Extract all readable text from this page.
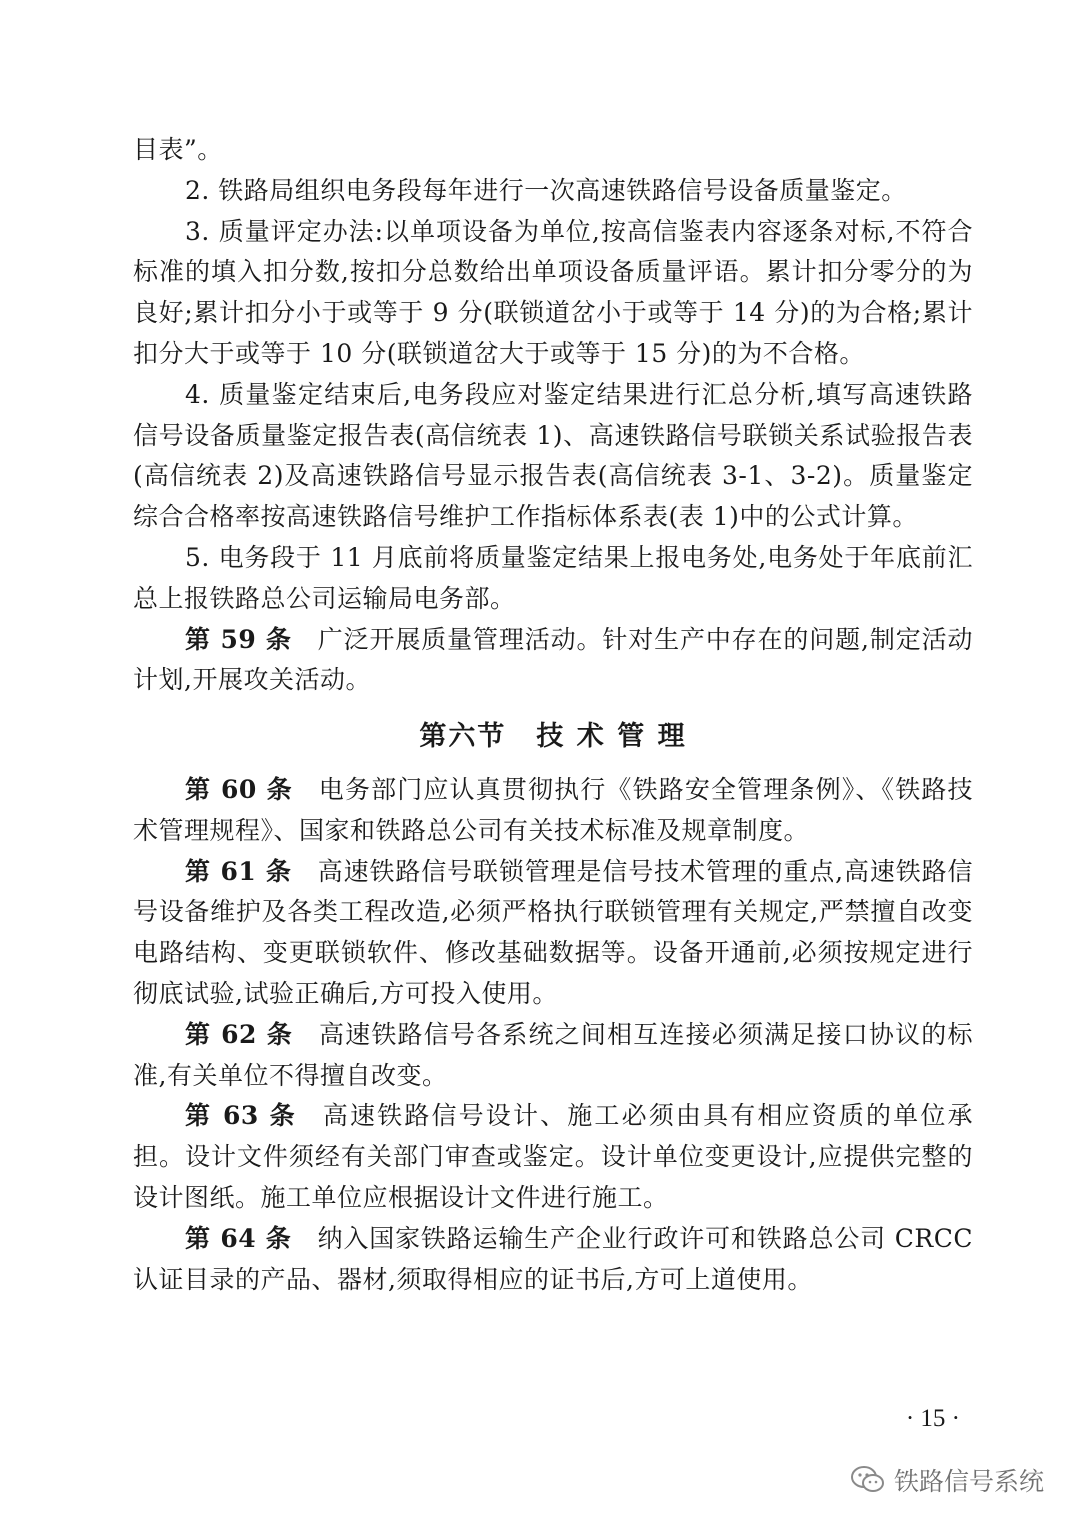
目表”。

2. 铁路局组织电务段每年进行一次高速铁路信号设备质量鉴定。

3. 质量评定办法:以单项设备为单位,按高信鉴表内容逐条对标,不符合标准的填入扣分数,按扣分总数给出单项设备质量评语。累计扣分零分的为良好;累计扣分小于或等于 9 分(联锁道岔小于或等于 14 分)的为合格;累计扣分大于或等于 10 分(联锁道岔大于或等于 15 分)的为不合格。

4. 质量鉴定结束后,电务段应对鉴定结果进行汇总分析,填写高速铁路信号设备质量鉴定报告表(高信统表 1)、高速铁路信号联锁关系试验报告表(高信统表 2)及高速铁路信号显示报告表(高信统表 3-1、3-2)。质量鉴定综合合格率按高速铁路信号维护工作指标体系表(表 1)中的公式计算。

5. 电务段于 11 月底前将质量鉴定结果上报电务处,电务处于年底前汇总上报铁路总公司运输局电务部。

第 59 条 广泛开展质量管理活动。针对生产中存在的问题,制定活动计划,开展攻关活动。

第六节 技 术 管 理

第 60 条 电务部门应认真贯彻执行《铁路安全管理条例》、《铁路技术管理规程》、国家和铁路总公司有关技术标准及规章制度。

第 61 条 高速铁路信号联锁管理是信号技术管理的重点,高速铁路信号设备维护及各类工程改造,必须严格执行联锁管理有关规定,严禁擅自改变电路结构、变更联锁软件、修改基础数据等。设备开通前,必须按规定进行彻底试验,试验正确后,方可投入使用。

第 62 条 高速铁路信号各系统之间相互连接必须满足接口协议的标准,有关单位不得擅自改变。

第 63 条 高速铁路信号设计、施工必须由具有相应资质的单位承担。设计文件须经有关部门审查或鉴定。设计单位变更设计,应提供完整的设计图纸。施工单位应根据设计文件进行施工。

第 64 条 纳入国家铁路运输生产企业行政许可和铁路总公司 CRCC 认证目录的产品、器材,须取得相应的证书后,方可上道使用。

· 15 ·
铁路信号系统
